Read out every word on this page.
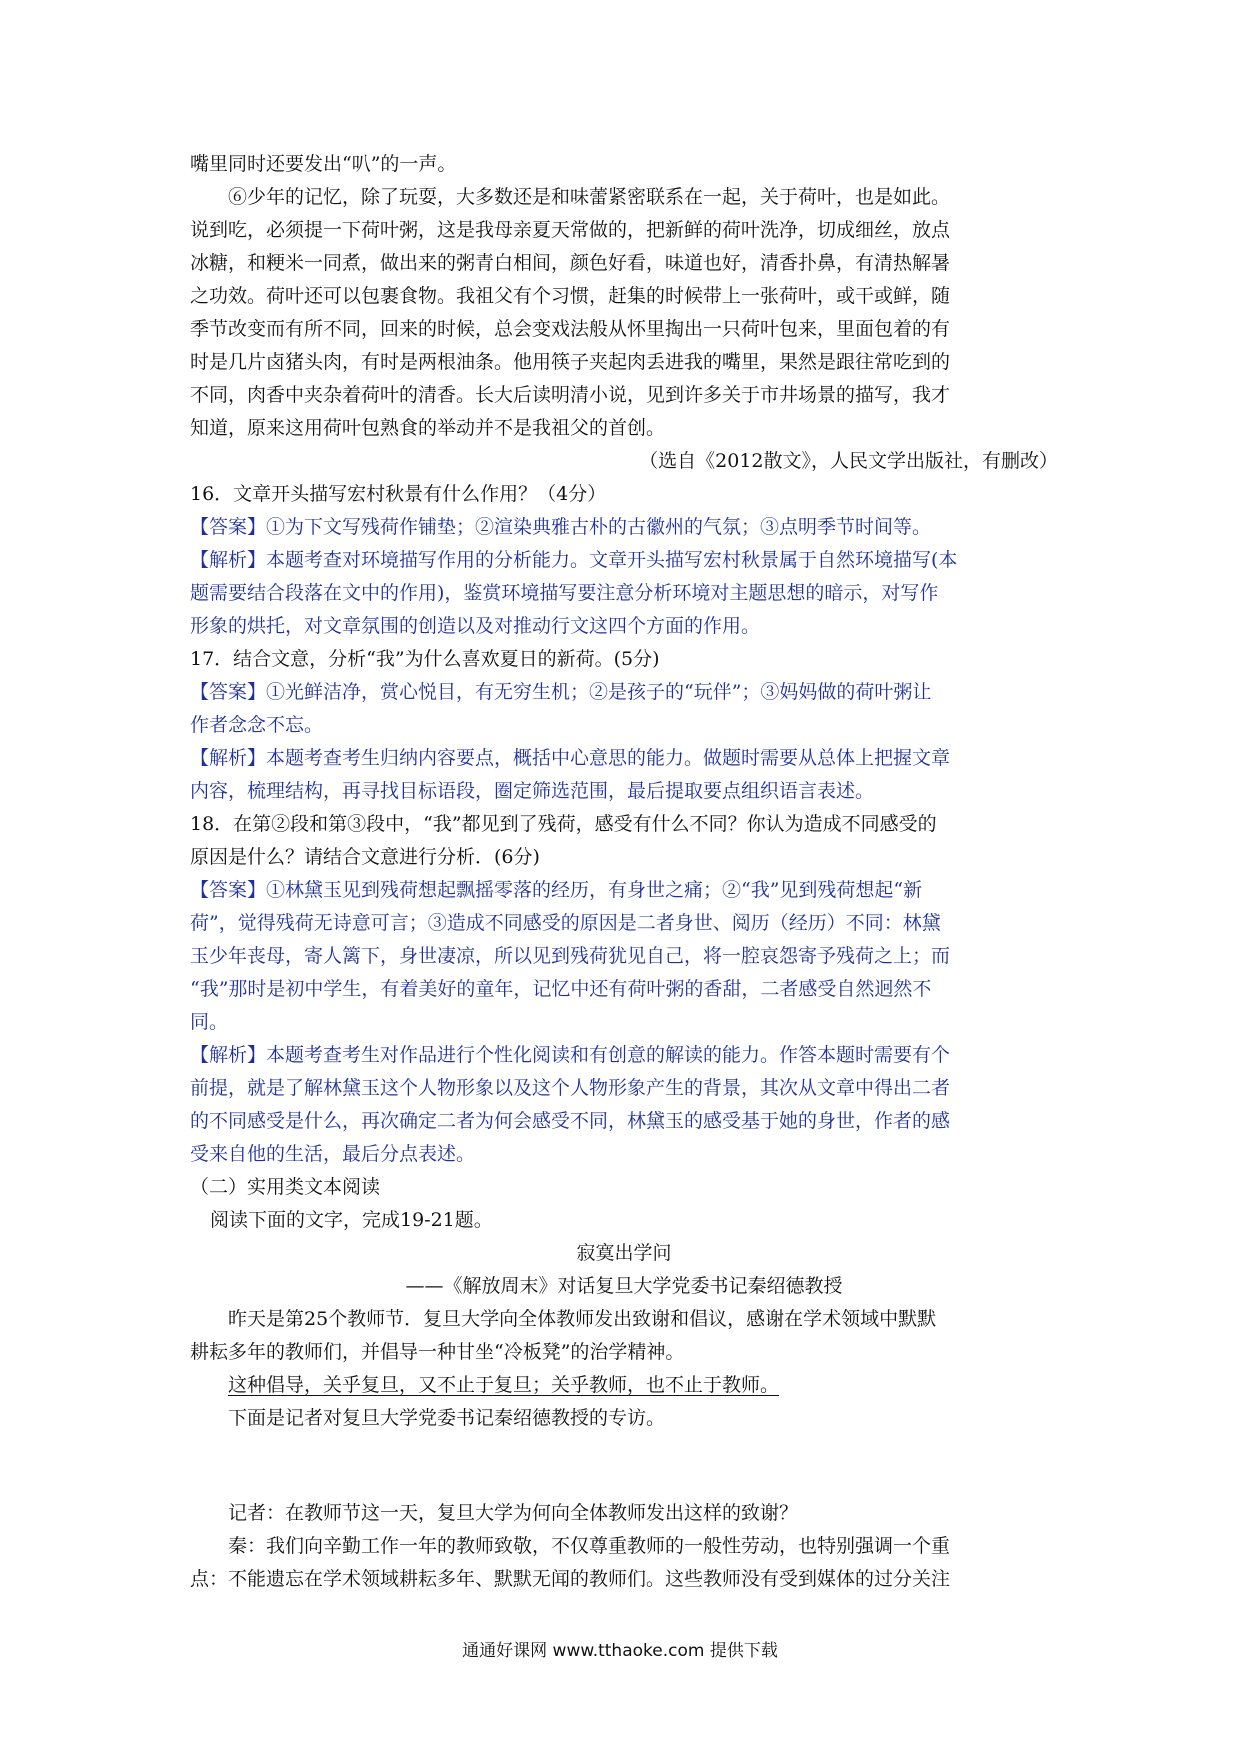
嘴里同时还要发出“叭”的一声。

⑥少年的记忆，除了玩耍，大多数还是和味蕾紧密联系在一起，关于荷叶，也是如此。

说到吃，必须提一下荷叶粥，这是我母亲夏天常做的，把新鲜的荷叶洗净，切成细丝，放点

冰糖，和粳米一同煮，做出来的粥青白相间，颜色好看，味道也好，清香扑鼻，有清热解暑

之功效。荷叶还可以包裹食物。我祖父有个习惯，赶集的时候带上一张荷叶，或干或鲜，随

季节改变而有所不同，回来的时候，总会变戏法般从怀里掏出一只荷叶包来，里面包着的有

时是几片卤猪头肉，有时是两根油条。他用筷子夹起肉丢进我的嘴里，果然是跟往常吃到的

不同，肉香中夹杂着荷叶的清香。长大后读明清小说，见到许多关于市井场景的描写，我才

知道，原来这用荷叶包熟食的举动并不是我祖父的首创。

（选自《2012散文》，人民文学出版社，有删改）

16．文章开头描写宏村秋景有什么作用？（4分）

【答案】①为下文写残荷作铺垫；②渲染典雅古朴的古徽州的气氛；③点明季节时间等。

【解析】本题考查对环境描写作用的分析能力。文章开头描写宏村秋景属于自然环境描写(本

题需要结合段落在文中的作用)，鉴赏环境描写要注意分析环境对主题思想的暗示，对写作

形象的烘托，对文章氛围的创造以及对推动行文这四个方面的作用。

17．结合文意，分析“我”为什么喜欢夏日的新荷。(5分)

【答案】①光鲜洁净，赏心悦目，有无穷生机；②是孩子的“玩伴”；③妈妈做的荷叶粥让

作者念念不忘。

【解析】本题考查考生归纳内容要点，概括中心意思的能力。做题时需要从总体上把握文章

内容，梳理结构，再寻找目标语段，圈定筛选范围，最后提取要点组织语言表述。

18．在第②段和第③段中，“我”都见到了残荷，感受有什么不同？你认为造成不同感受的

原因是什么？请结合文意进行分析．(6分)

【答案】①林黛玉见到残荷想起飘摇零落的经历，有身世之痛；②“我”见到残荷想起“新

荷”，觉得残荷无诗意可言；③造成不同感受的原因是二者身世、阅历（经历）不同：林黛

玉少年丧母，寄人篱下，身世凄凉，所以见到残荷犹见自己，将一腔哀怨寄予残荷之上；而

“我”那时是初中学生，有着美好的童年，记忆中还有荷叶粥的香甜，二者感受自然迥然不

同。

【解析】本题考查考生对作品进行个性化阅读和有创意的解读的能力。作答本题时需要有个

前提，就是了解林黛玉这个人物形象以及这个人物形象产生的背景，其次从文章中得出二者

的不同感受是什么，再次确定二者为何会感受不同，林黛玉的感受基于她的身世，作者的感

受来自他的生活，最后分点表述。

（二）实用类文本阅读

阅读下面的文字，完成19-21题。

寂寞出学问
——《解放周末》对话复旦大学党委书记秦绍德教授

昨天是第25个教师节．复旦大学向全体教师发出致谢和倡议，感谢在学术领域中默默

耕耘多年的教师们，并倡导一种甘坐“冷板凳”的治学精神。

这种倡导，关乎复旦，又不止于复旦；关乎教师，也不止于教师。

下面是记者对复旦大学党委书记秦绍德教授的专访。

记者：在教师节这一天，复旦大学为何向全体教师发出这样的致谢？

秦：我们向辛勤工作一年的教师致敬，不仅尊重教师的一般性劳动，也特别强调一个重

点：不能遗忘在学术领域耕耘多年、默默无闻的教师们。这些教师没有受到媒体的过分关注

通通好课网 www.tthaoke.com 提供下载
